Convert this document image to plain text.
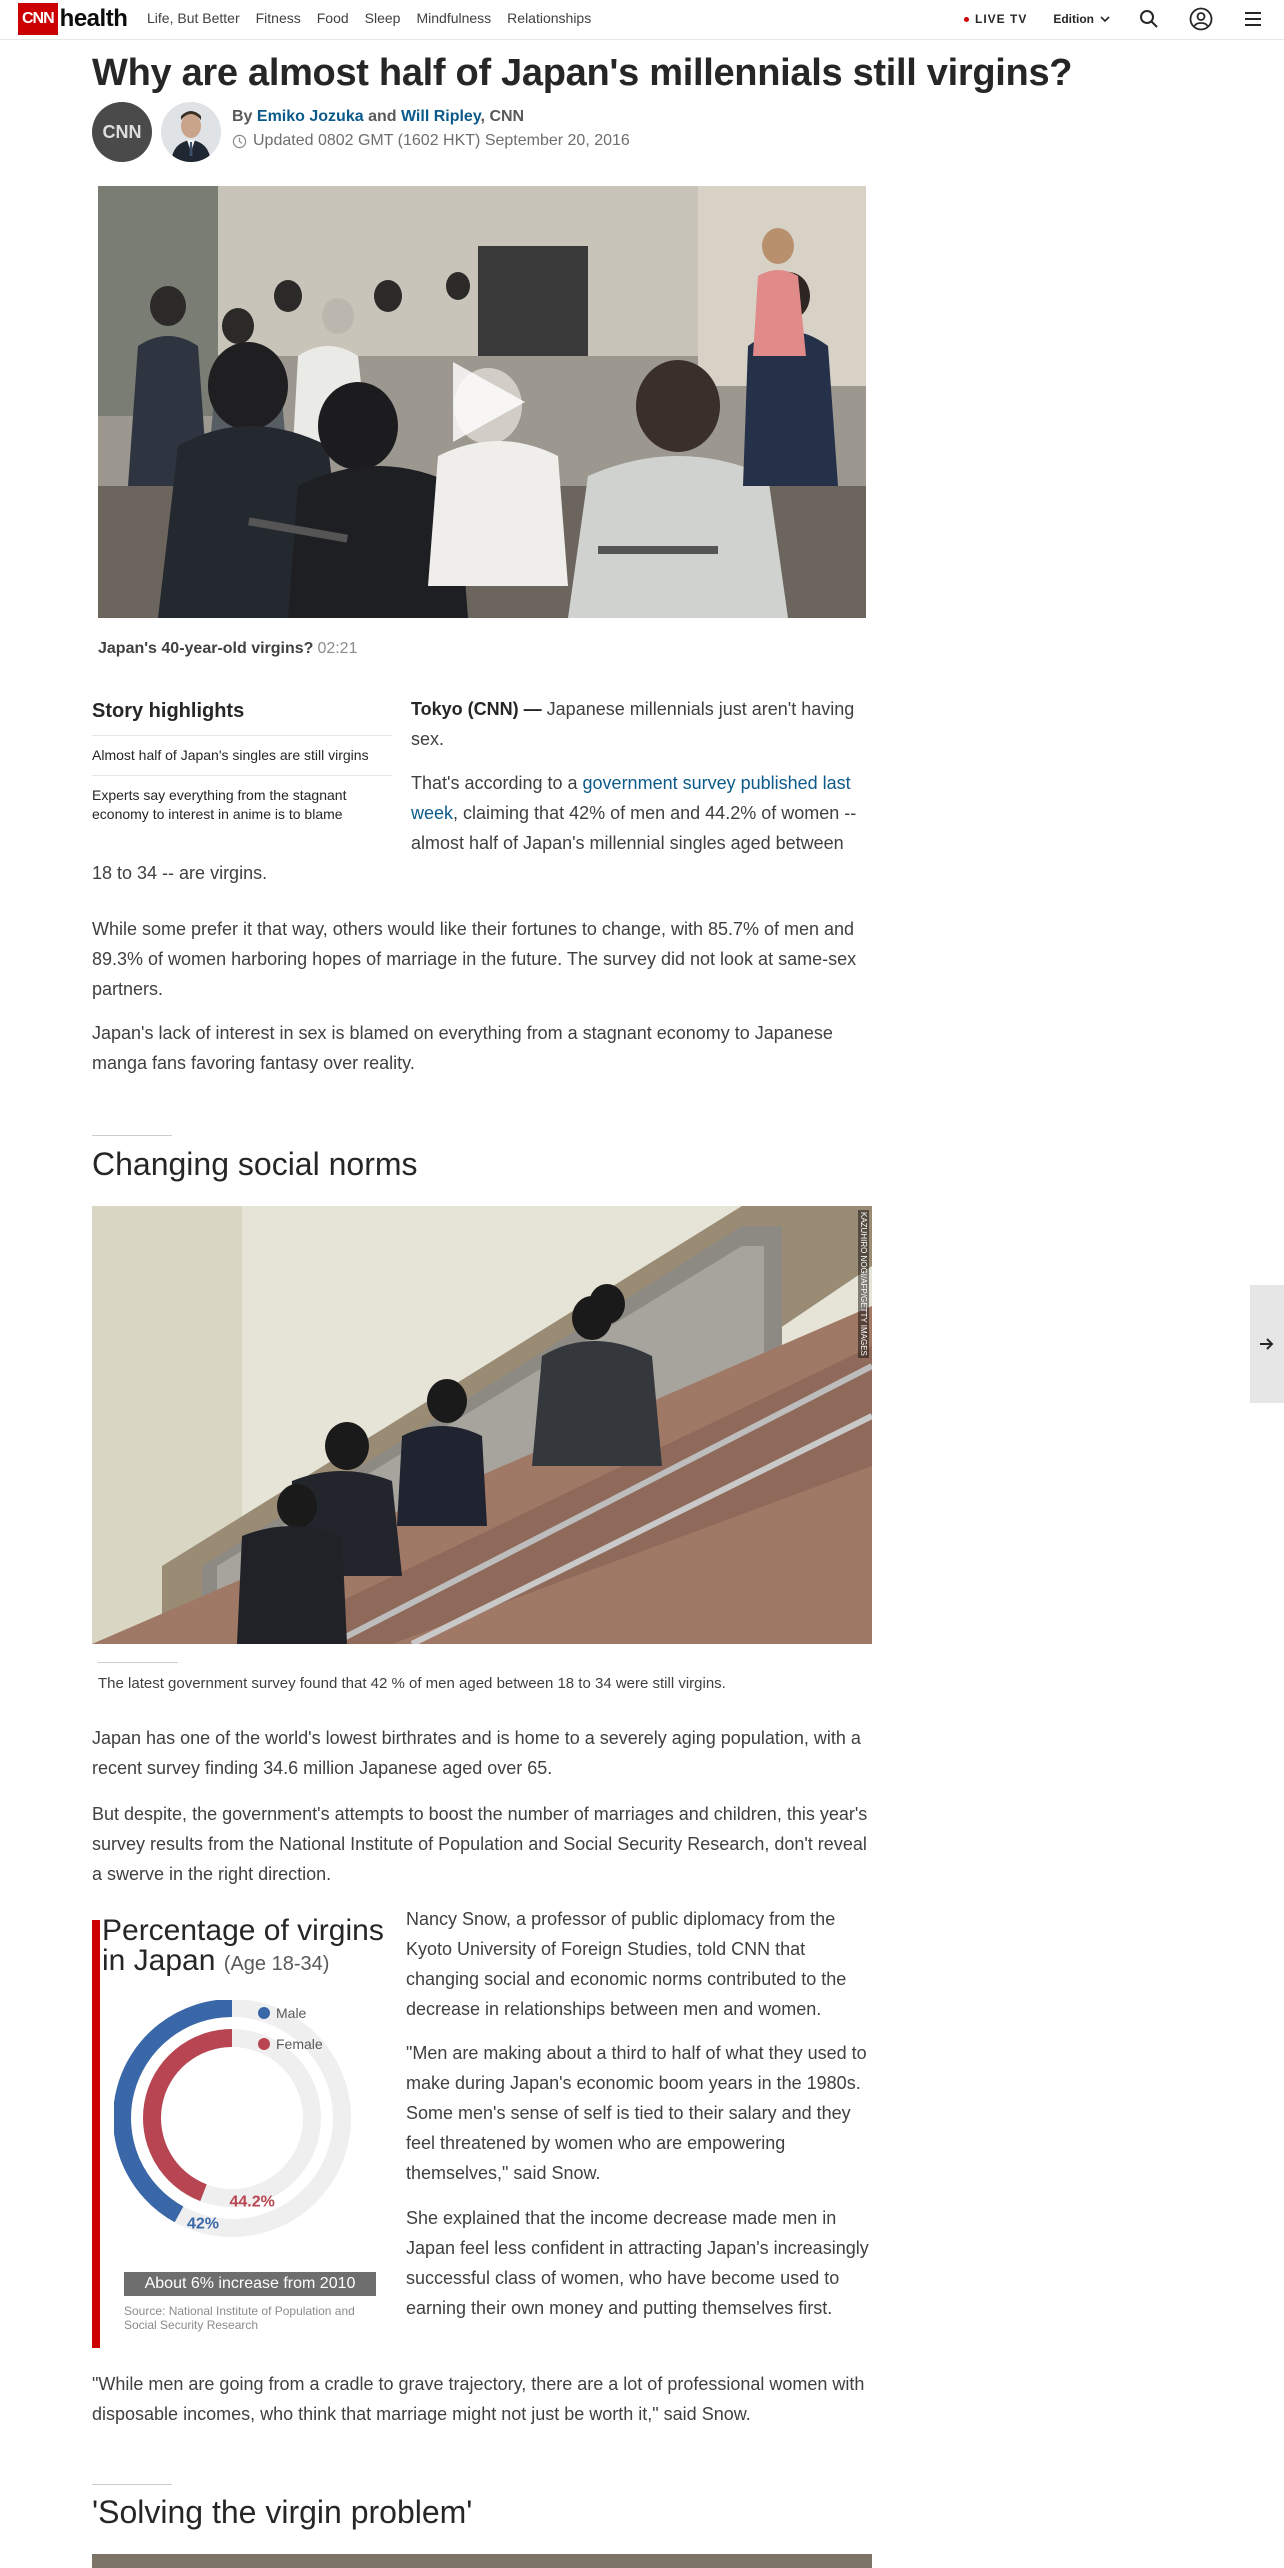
CNN health Life, But Better Fitness Food Sleep Mindfulness Relationships	LIVE TV Edition
Why are almost half of Japan's millennials still virgins?
CNN
By Emiko Jozuka and Will Ripley, CNN
Updated 0802 GMT (1602 HKT) September 20, 2016
Japan's 40-year-old virgins? 02:21
Story highlights
Almost half of Japan's singles are still virgins
Experts say everything from the stagnant economy to interest in anime is to blame
Tokyo (CNN) — Japanese millennials just aren't having sex.
That's according to a government survey published last week, claiming that 42% of men and 44.2% of women -- almost half of Japan's millennial singles aged between
18 to 34 -- are virgins.
While some prefer it that way, others would like their fortunes to change, with 85.7% of men and 89.3% of women harboring hopes of marriage in the future. The survey did not look at same-sex partners.
Japan's lack of interest in sex is blamed on everything from a stagnant economy to Japanese manga fans favoring fantasy over reality.
Changing social norms
KAZUHIRO NOGI/AFP/GETTY IMAGES
The latest government survey found that 42 % of men aged between 18 to 34 were still virgins.
Japan has one of the world's lowest birthrates and is home to a severely aging population, with a recent survey finding 34.6 million Japanese aged over 65.
But despite, the government's attempts to boost the number of marriages and children, this year's survey results from the National Institute of Population and Social Security Research, don't reveal a swerve in the right direction.
Percentage of virgins in Japan (Age 18-34)
42%
44.2%
Male
Female
About 6% increase from 2010
Source: National Institute of Population and Social Security Research
Nancy Snow, a professor of public diplomacy from the Kyoto University of Foreign Studies, told CNN that changing social and economic norms contributed to the decrease in relationships between men and women.
"Men are making about a third to half of what they used to make during Japan's economic boom years in the 1980s. Some men's sense of self is tied to their salary and they feel threatened by women who are empowering themselves," said Snow.
She explained that the income decrease made men in Japan feel less confident in attracting Japan's increasingly successful class of women, who have become used to earning their own money and putting themselves first.
"While men are going from a cradle to grave trajectory, there are a lot of professional women with disposable incomes, who think that marriage might not just be worth it," said Snow.
'Solving the virgin problem'
